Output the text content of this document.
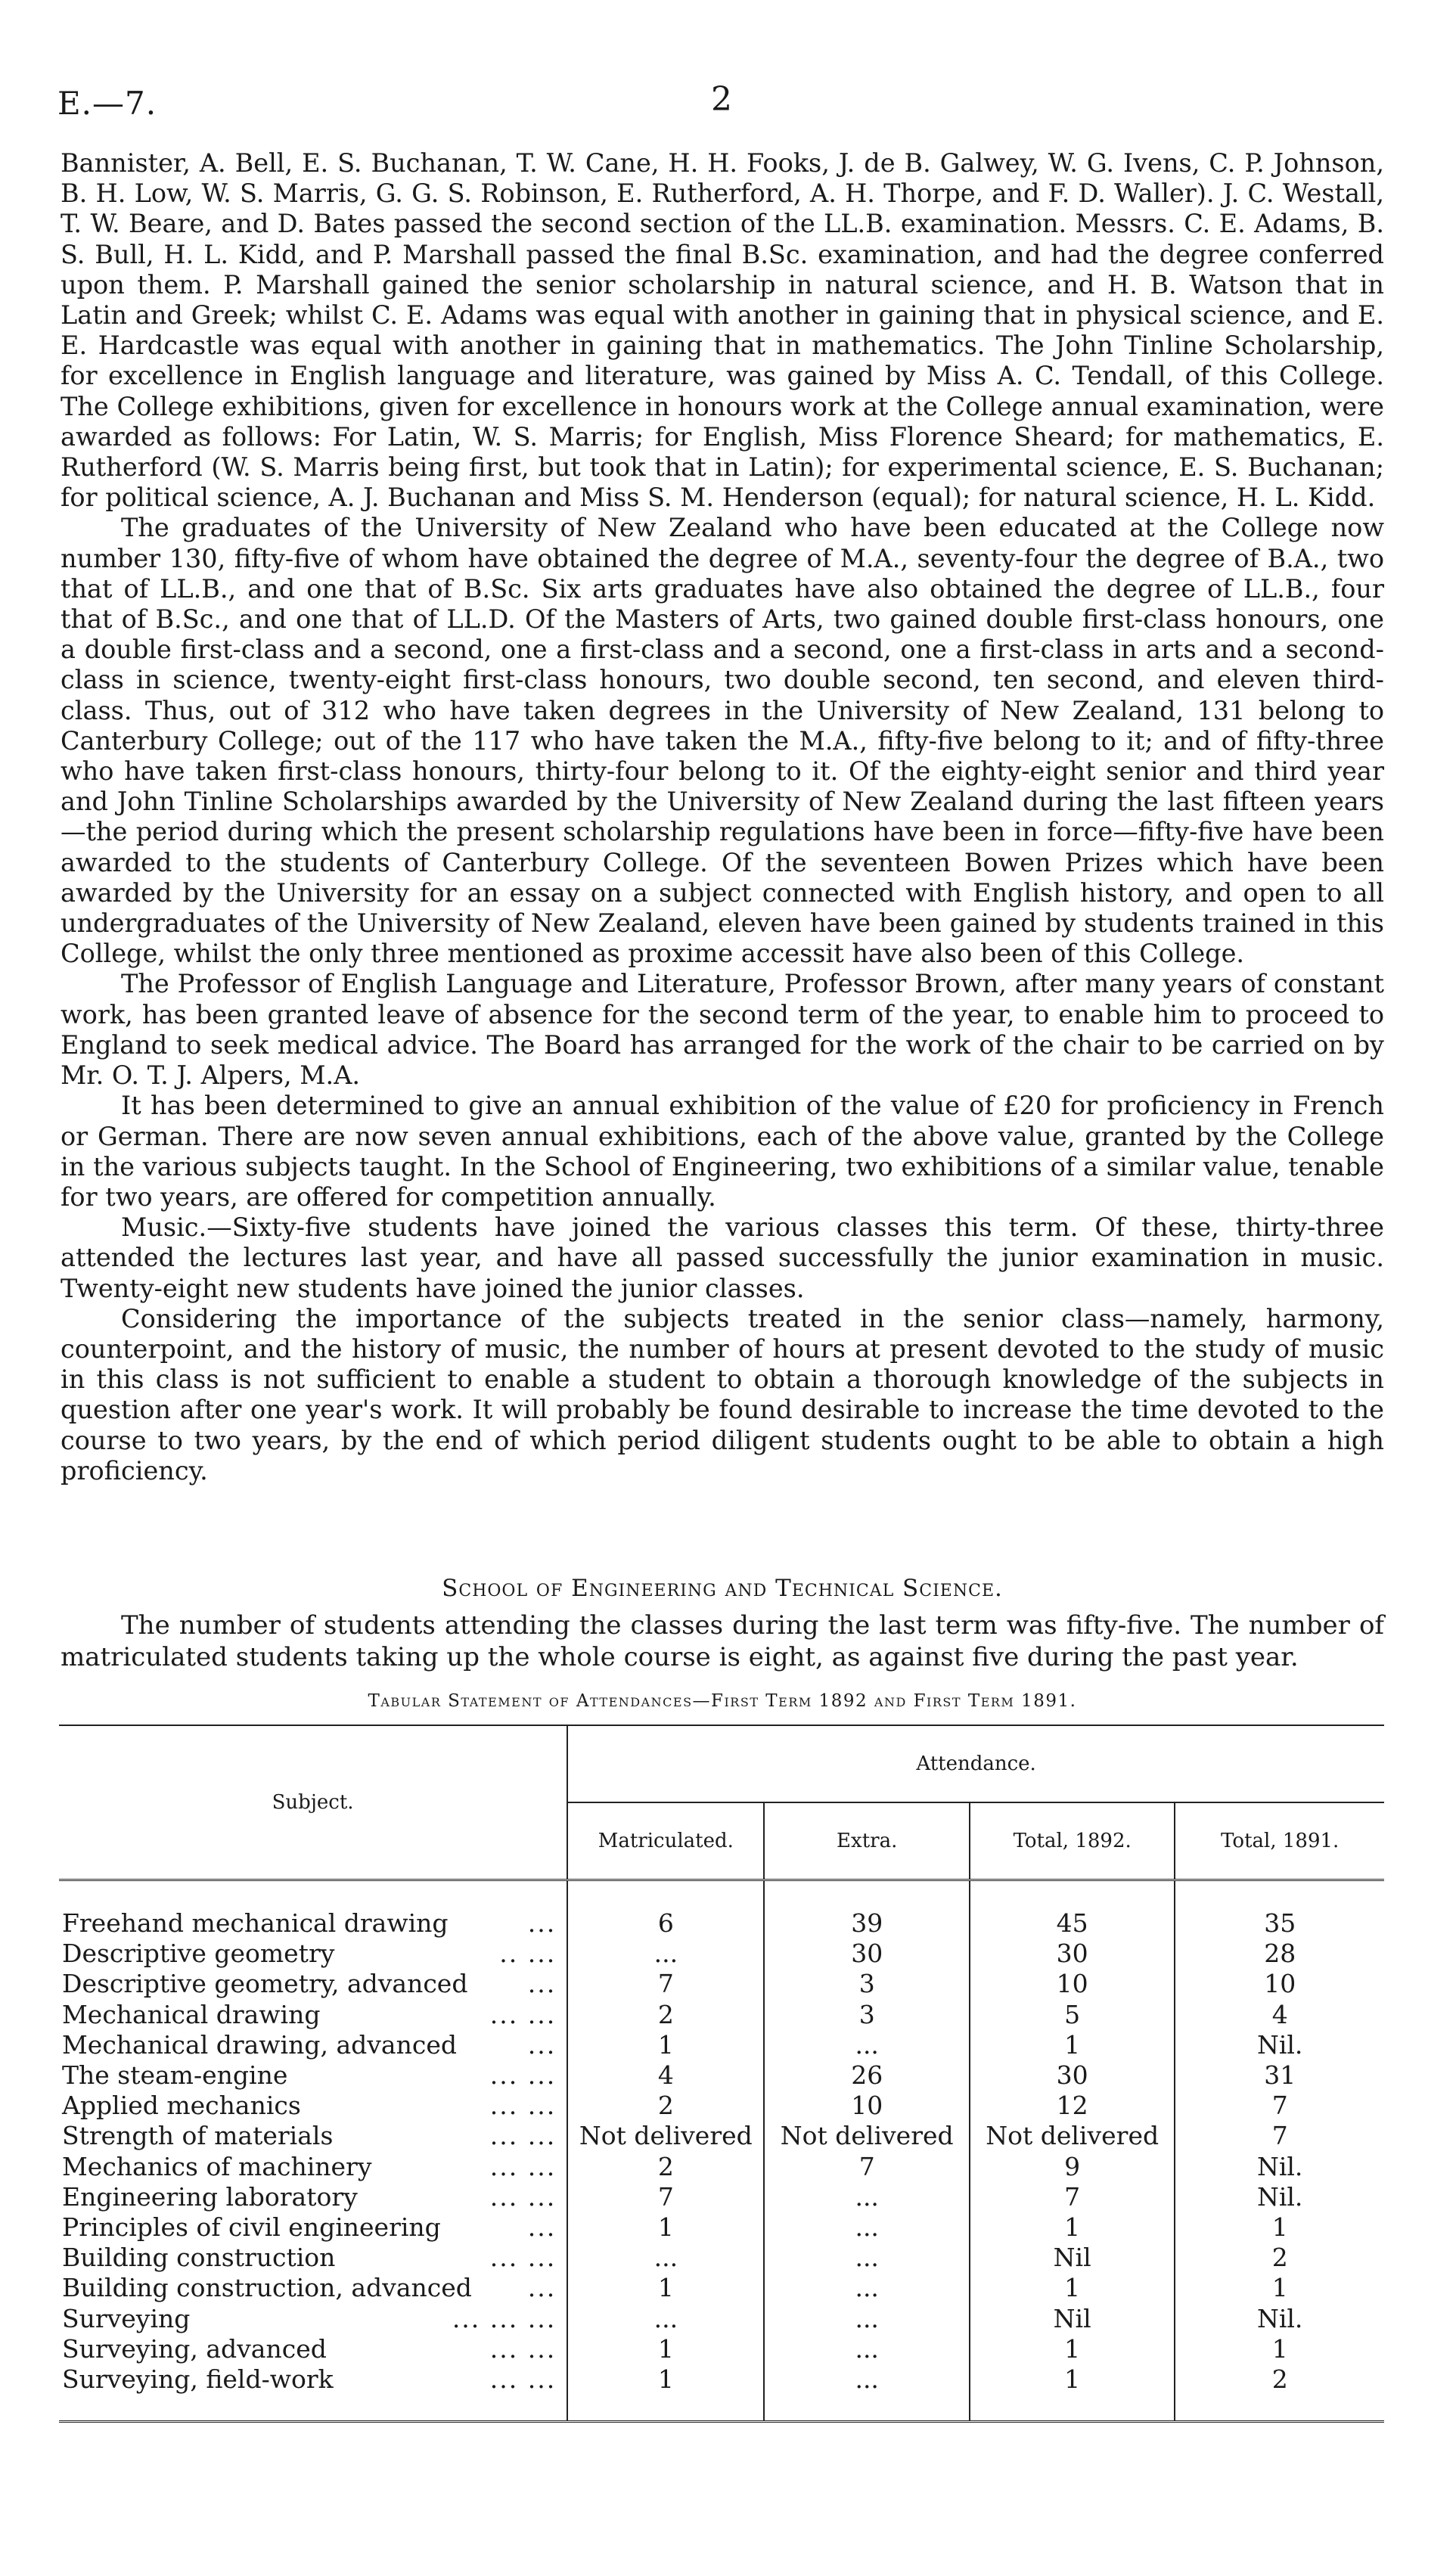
E.—7.	2

Bannister, A. Bell, E. S. Buchanan, T. W. Cane, H. H. Fooks, J. de B. Galwey, W. G. Ivens, C. P. Johnson, B. H. Low, W. S. Marris, G. G. S. Robinson, E. Rutherford, A. H. Thorpe, and F. D. Waller). J. C. Westall, T. W. Beare, and D. Bates passed the second section of the LL.B. examination. Messrs. C. E. Adams, B. S. Bull, H. L. Kidd, and P. Marshall passed the final B.Sc. examination, and had the degree conferred upon them. P. Marshall gained the senior scholarship in natural science, and H. B. Watson that in Latin and Greek; whilst C. E. Adams was equal with another in gaining that in physical science, and E. E. Hardcastle was equal with another in gaining that in mathematics. The John Tinline Scholarship, for excellence in English language and literature, was gained by Miss A. C. Tendall, of this College. The College exhibitions, given for excellence in honours work at the College annual examination, were awarded as follows: For Latin, W. S. Marris; for English, Miss Florence Sheard; for mathematics, E. Rutherford (W. S. Marris being first, but took that in Latin); for experimental science, E. S. Buchanan; for political science, A. J. Buchanan and Miss S. M. Henderson (equal); for natural science, H. L. Kidd.

The graduates of the University of New Zealand who have been educated at the College now number 130, fifty-five of whom have obtained the degree of M.A., seventy-four the degree of B.A., two that of LL.B., and one that of B.Sc. Six arts graduates have also obtained the degree of LL.B., four that of B.Sc., and one that of LL.D. Of the Masters of Arts, two gained double first-class honours, one a double first-class and a second, one a first-class and a second, one a first-class in arts and a second-class in science, twenty-eight first-class honours, two double second, ten second, and eleven third-class. Thus, out of 312 who have taken degrees in the University of New Zealand, 131 belong to Canterbury College; out of the 117 who have taken the M.A., fifty-five belong to it; and of fifty-three who have taken first-class honours, thirty-four belong to it. Of the eighty-eight senior and third year and John Tinline Scholarships awarded by the University of New Zealand during the last fifteen years—the period during which the present scholarship regulations have been in force—fifty-five have been awarded to the students of Canterbury College. Of the seventeen Bowen Prizes which have been awarded by the University for an essay on a subject connected with English history, and open to all undergraduates of the University of New Zealand, eleven have been gained by students trained in this College, whilst the only three mentioned as proxime accessit have also been of this College.

The Professor of English Language and Literature, Professor Brown, after many years of constant work, has been granted leave of absence for the second term of the year, to enable him to proceed to England to seek medical advice. The Board has arranged for the work of the chair to be carried on by Mr. O. T. J. Alpers, M.A.

It has been determined to give an annual exhibition of the value of £20 for proficiency in French or German. There are now seven annual exhibitions, each of the above value, granted by the College in the various subjects taught. In the School of Engineering, two exhibitions of a similar value, tenable for two years, are offered for competition annually.

Music.—Sixty-five students have joined the various classes this term. Of these, thirty-three attended the lectures last year, and have all passed successfully the junior examination in music. Twenty-eight new students have joined the junior classes.

Considering the importance of the subjects treated in the senior class—namely, harmony, counterpoint, and the history of music, the number of hours at present devoted to the study of music in this class is not sufficient to enable a student to obtain a thorough knowledge of the subjects in question after one year's work. It will probably be found desirable to increase the time devoted to the course to two years, by the end of which period diligent students ought to be able to obtain a high proficiency.

School of Engineering and Technical Science.

The number of students attending the classes during the last term was fifty-five. The number of matriculated students taking up the whole course is eight, as against five during the past year.

Tabular Statement of Attendances—First Term 1892 and First Term 1891.
Subject.	Attendance.			
	Matriculated.	Extra.	Total, 1892.	Total, 1891.

Freehand mechanical drawing ...	6	39	45	35
Descriptive geometry .. ...	...	30	30	28
Descriptive geometry, advanced ...	7	3	10	10
Mechanical drawing ... ...	2	3	5	4
Mechanical drawing, advanced ...	1	...	1	Nil.
The steam-engine ... ...	4	26	30	31
Applied mechanics ... ...	2	10	12	7
Strength of materials ... ...	Not delivered	Not delivered	Not delivered	7
Mechanics of machinery ... ...	2	7	9	Nil.
Engineering laboratory ... ...	7	...	7	Nil.
Principles of civil engineering ...	1	...	1	1
Building construction ... ...	...	...	Nil	2
Building construction, advanced ...	1	...	1	1
Surveying ... ... ...	...	...	Nil	Nil.
Surveying, advanced ... ...	1	...	1	1
Surveying, field-work ... ...	1	...	1	2
